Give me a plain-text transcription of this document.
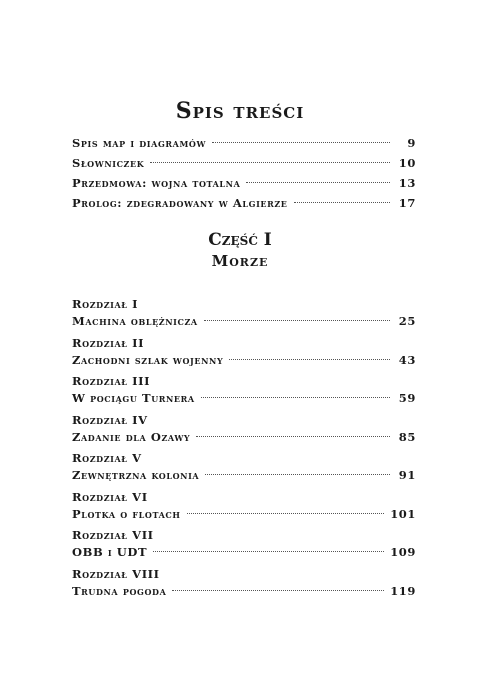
Spis treści
Spis map i diagramów	9
Słowniczek	10
Przedmowa: wojna totalna	13
Prolog: zdegradowany w Algierze	17
Część I
Morze
Rozdział I
Machina oblężnicza	25
Rozdział II
Zachodni szlak wojenny	43
Rozdział III
W pociągu Turnera	59
Rozdział IV
Zadanie dla Ozawy	85
Rozdział V
Zewnętrzna kolonia	91
Rozdział VI
Plotka o flotach	101
Rozdział VII
OBB i UDT	109
Rozdział VIII
Trudna pogoda	119
